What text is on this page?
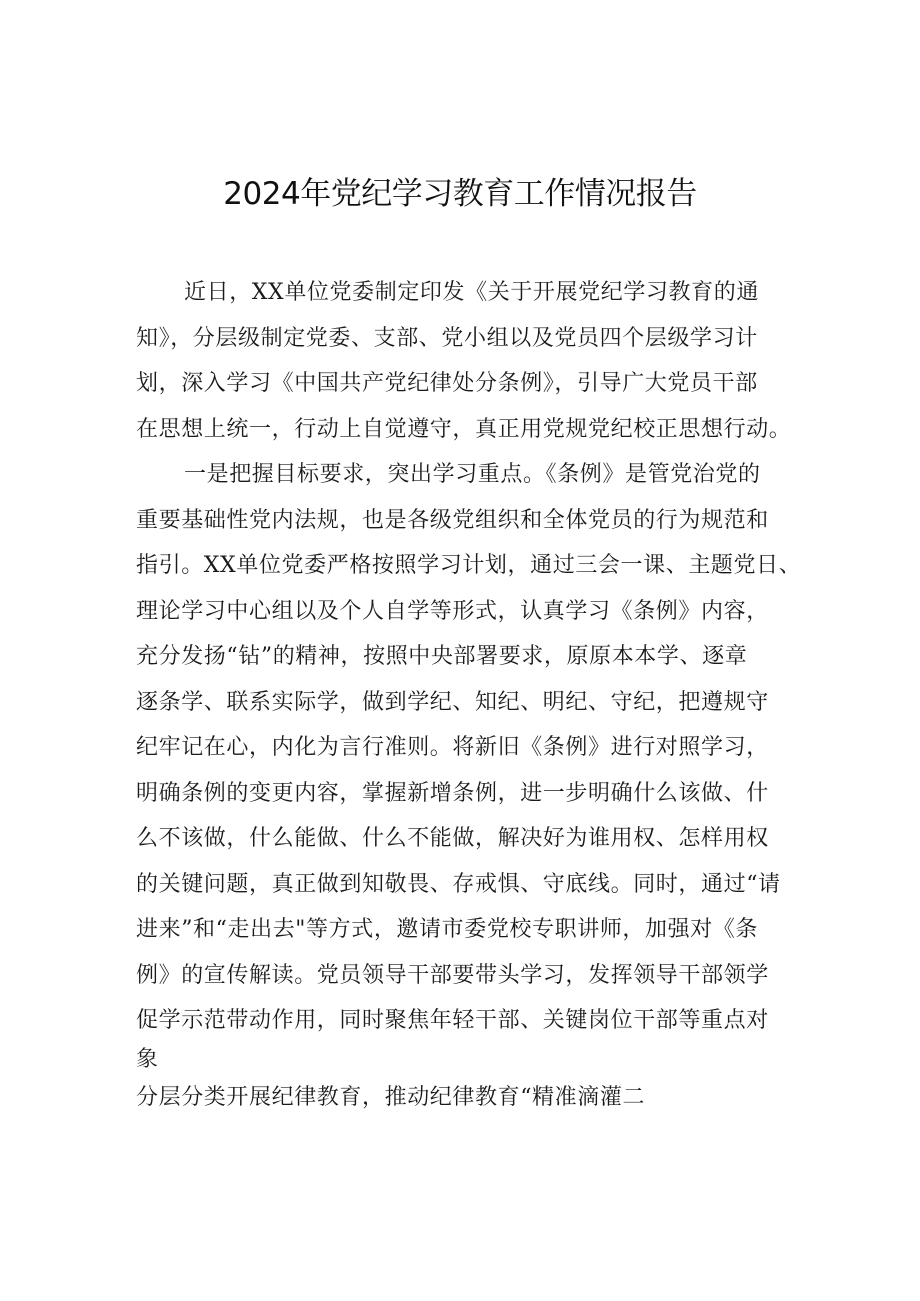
2024年党纪学习教育工作情况报告
近日，XX单位党委制定印发《关于开展党纪学习教育的通
知》，分层级制定党委、支部、党小组以及党员四个层级学习计
划，深入学习《中国共产党纪律处分条例》，引导广大党员干部
在思想上统一，行动上自觉遵守，真正用党规党纪校正思想行动。
一是把握目标要求，突出学习重点。《条例》是管党治党的
重要基础性党内法规，也是各级党组织和全体党员的行为规范和
指引。XX单位党委严格按照学习计划，通过三会一课、主题党日、
理论学习中心组以及个人自学等形式，认真学习《条例》内容，
充分发扬“钻”的精神，按照中央部署要求，原原本本学、逐章
逐条学、联系实际学，做到学纪、知纪、明纪、守纪，把遵规守
纪牢记在心，内化为言行准则。将新旧《条例》进行对照学习，
明确条例的变更内容，掌握新增条例，进一步明确什么该做、什
么不该做，什么能做、什么不能做，解决好为谁用权、怎样用权
的关键问题，真正做到知敬畏、存戒惧、守底线。同时，通过“请
进来”和“走出去"等方式，邀请市委党校专职讲师，加强对《条
例》的宣传解读。党员领导干部要带头学习，发挥领导干部领学
促学示范带动作用，同时聚焦年轻干部、关键岗位干部等重点对
象
分层分类开展纪律教育，推动纪律教育“精准滴灌二
